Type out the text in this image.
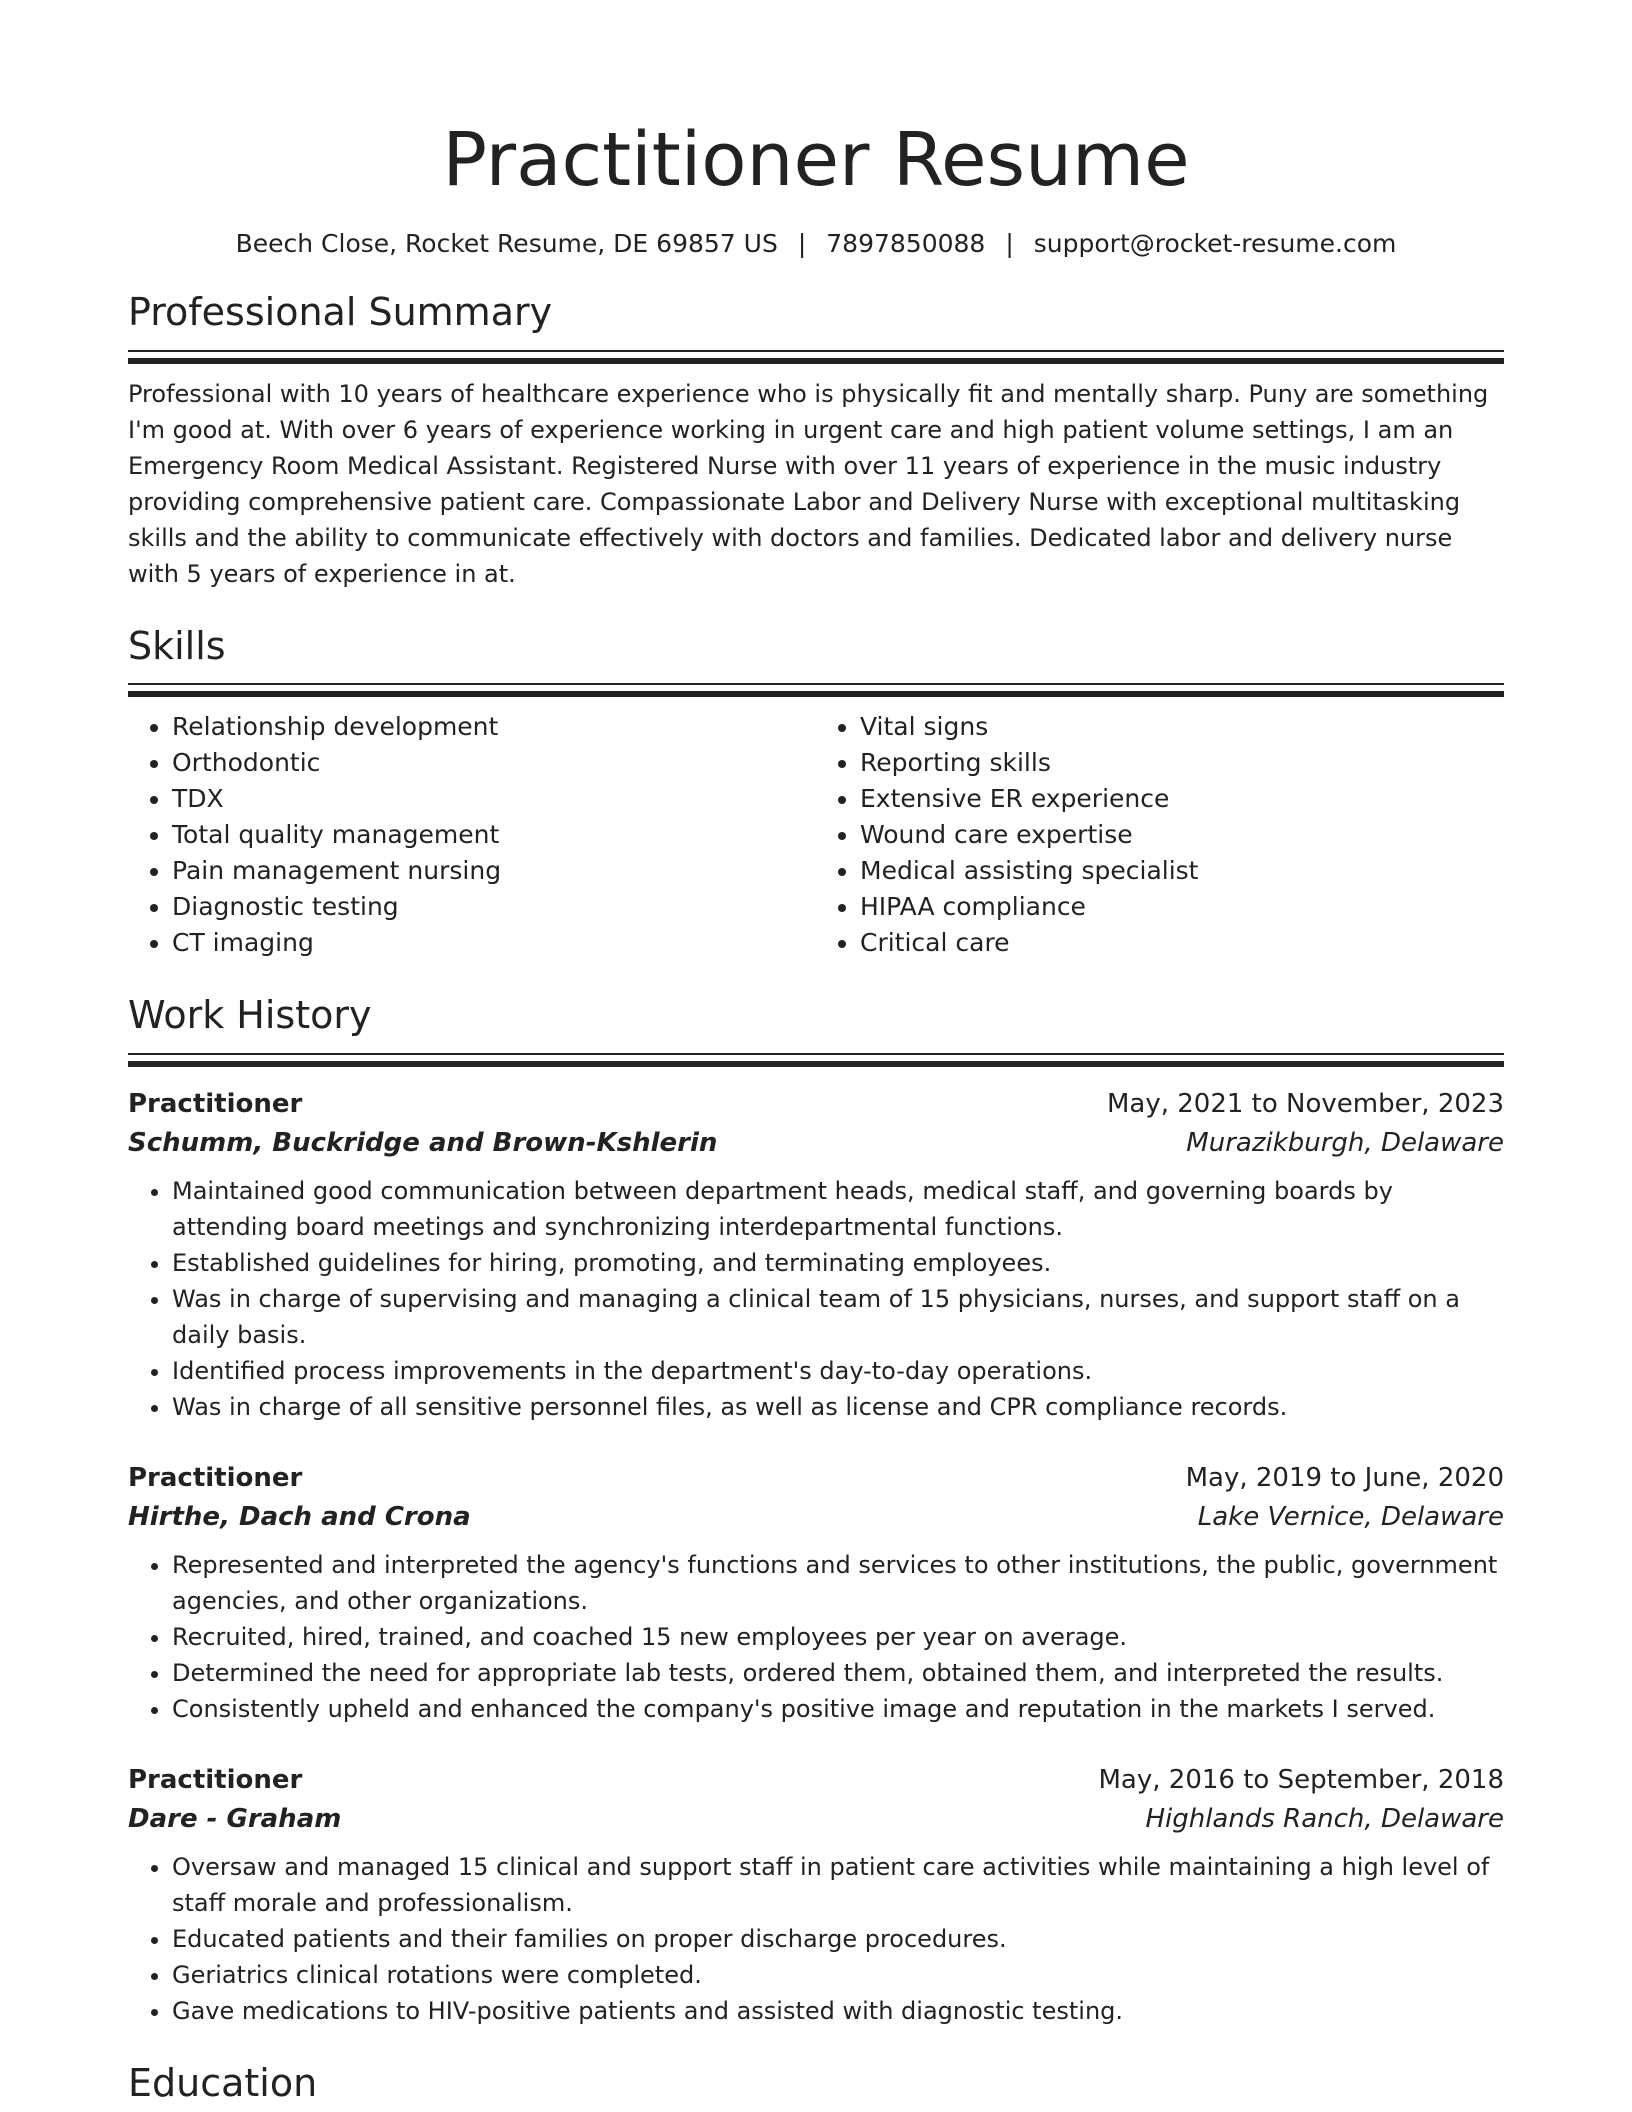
Practitioner Resume
Beech Close, Rocket Resume, DE 69857 US | 7897850088 | support@rocket-resume.com
Professional Summary

Professional with 10 years of healthcare experience who is physically fit and mentally sharp. Puny are something I'm good at. With over 6 years of experience working in urgent care and high patient volume settings, I am an Emergency Room Medical Assistant. Registered Nurse with over 11 years of experience in the music industry providing comprehensive patient care. Compassionate Labor and Delivery Nurse with exceptional multitasking skills and the ability to communicate effectively with doctors and families. Dedicated labor and delivery nurse with 5 years of experience in at.

Skills
• Relationship development
• Orthodontic
• TDX
• Total quality management
• Pain management nursing
• Diagnostic testing
• CT imaging
• Vital signs
• Reporting skills
• Extensive ER experience
• Wound care expertise
• Medical assisting specialist
• HIPAA compliance
• Critical care
Work History
Practitioner	May, 2021 to November, 2023
Schumm, Buckridge and Brown-Kshlerin	Murazikburgh, Delaware
• Maintained good communication between department heads, medical staff, and governing boards by attending board meetings and synchronizing interdepartmental functions.
• Established guidelines for hiring, promoting, and terminating employees.
• Was in charge of supervising and managing a clinical team of 15 physicians, nurses, and support staff on a daily basis.
• Identified process improvements in the department's day-to-day operations.
• Was in charge of all sensitive personnel files, as well as license and CPR compliance records.
Practitioner	May, 2019 to June, 2020
Hirthe, Dach and Crona	Lake Vernice, Delaware
• Represented and interpreted the agency's functions and services to other institutions, the public, government agencies, and other organizations.
• Recruited, hired, trained, and coached 15 new employees per year on average.
• Determined the need for appropriate lab tests, ordered them, obtained them, and interpreted the results.
• Consistently upheld and enhanced the company's positive image and reputation in the markets I served.
Practitioner	May, 2016 to September, 2018
Dare - Graham	Highlands Ranch, Delaware
• Oversaw and managed 15 clinical and support staff in patient care activities while maintaining a high level of staff morale and professionalism.
• Educated patients and their families on proper discharge procedures.
• Geriatrics clinical rotations were completed.
• Gave medications to HIV-positive patients and assisted with diagnostic testing.
Education
